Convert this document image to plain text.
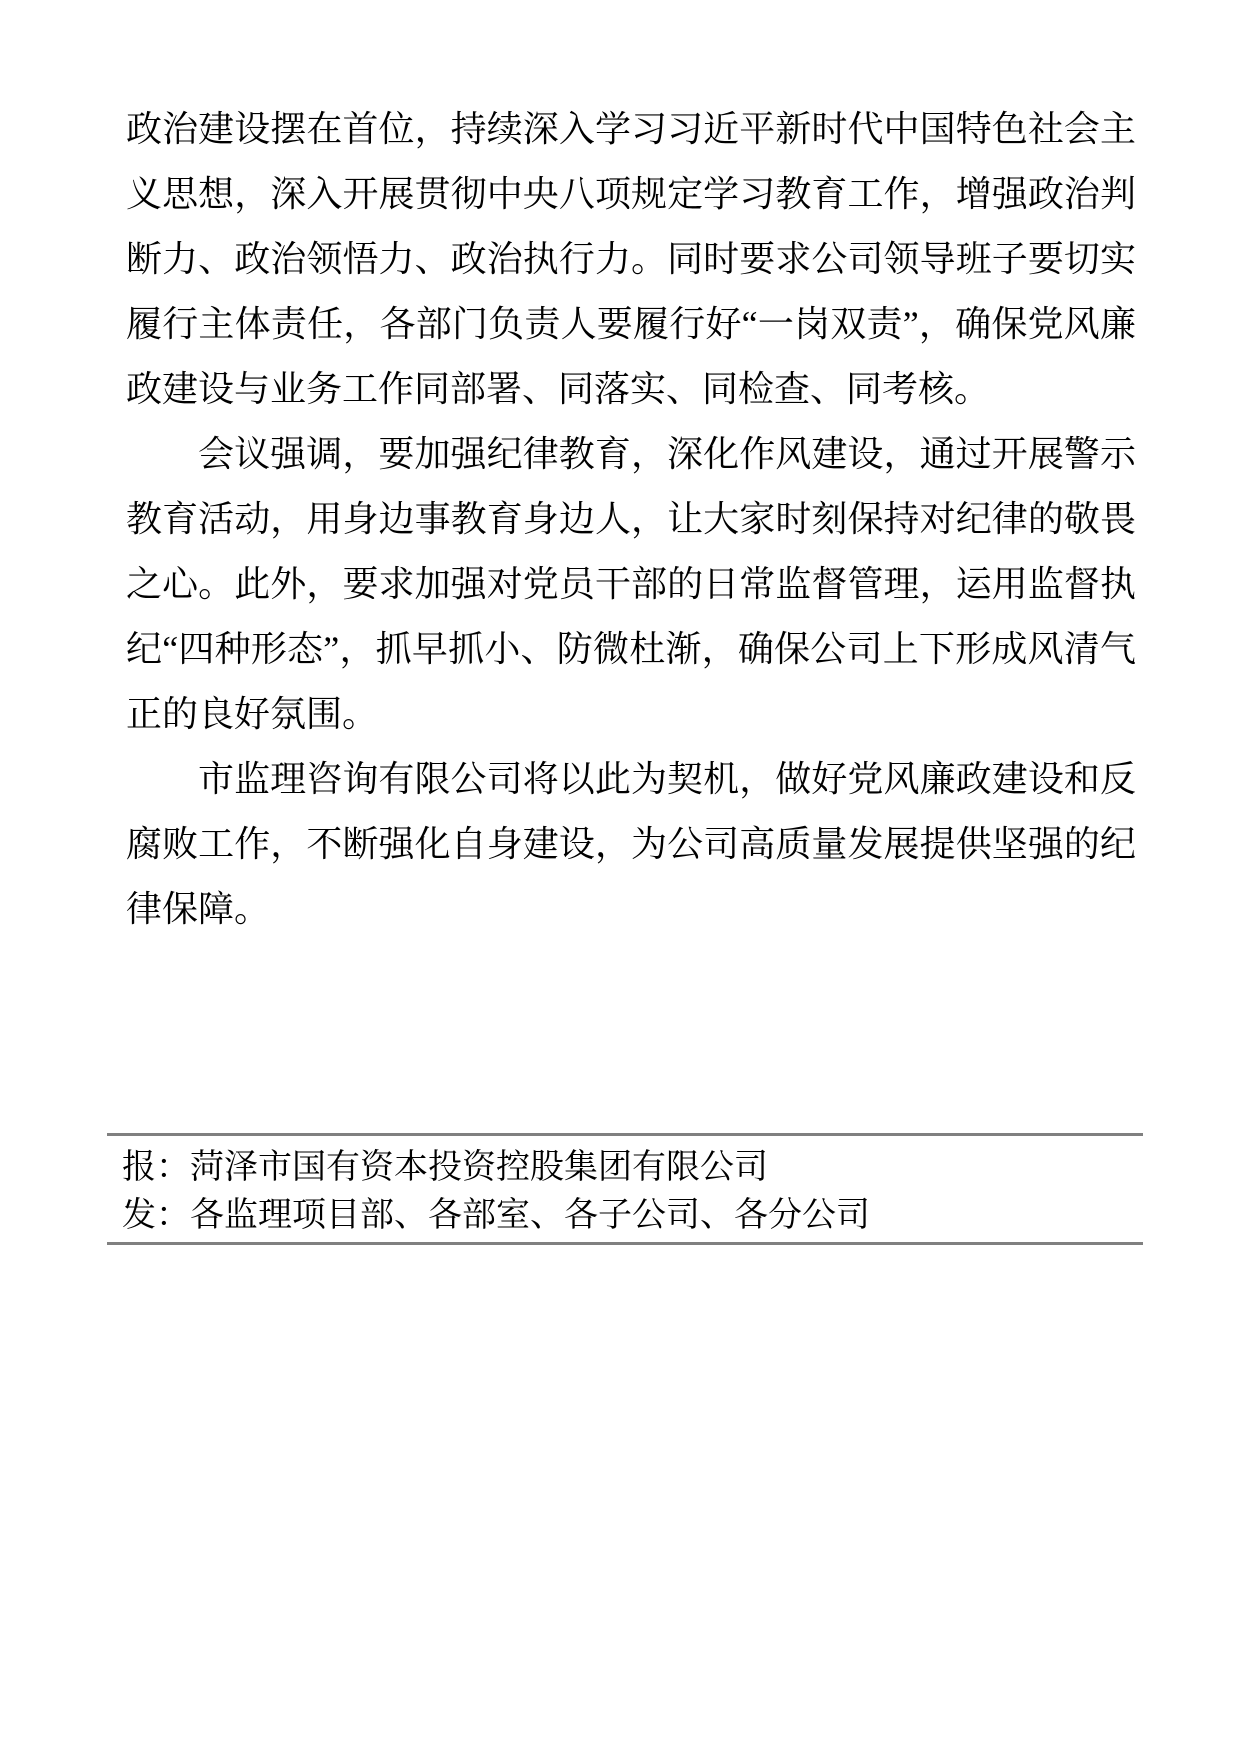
政治建设摆在首位，持续深入学习习近平新时代中国特色社会主义思想，深入开展贯彻中央八项规定学习教育工作，增强政治判断力、政治领悟力、政治执行力。同时要求公司领导班子要切实履行主体责任，各部门负责人要履行好“一岗双责”，确保党风廉政建设与业务工作同部署、同落实、同检查、同考核。

会议强调，要加强纪律教育，深化作风建设，通过开展警示教育活动，用身边事教育身边人，让大家时刻保持对纪律的敬畏之心。此外，要求加强对党员干部的日常监督管理，运用监督执纪“四种形态”，抓早抓小、防微杜渐，确保公司上下形成风清气正的良好氛围。

市监理咨询有限公司将以此为契机，做好党风廉政建设和反腐败工作，不断强化自身建设，为公司高质量发展提供坚强的纪律保障。

报：菏泽市国有资本投资控股集团有限公司
发：各监理项目部、各部室、各子公司、各分公司
